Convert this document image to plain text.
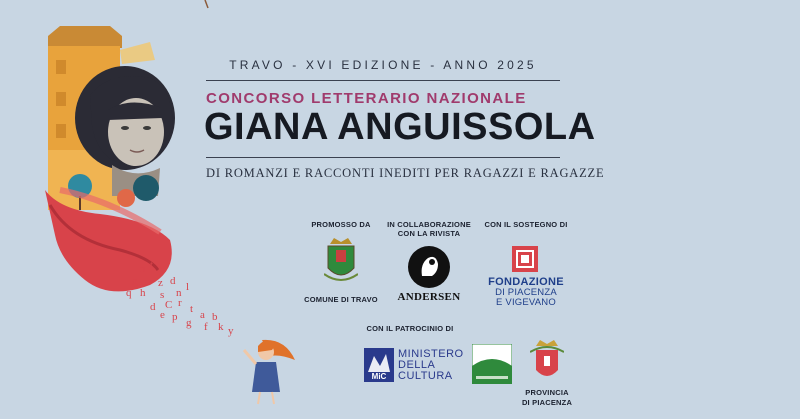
n t r
g a z d
q h s n l
d C r t a b
p g f k
e
y
TRAVO - XVI EDIZIONE - ANNO 2025
CONCORSO LETTERARIO NAZIONALE
GIANA ANGUISSOLA
DI ROMANZI E RACCONTI INEDITI PER RAGAZZI E RAGAZZE
PROMOSSO DA
COMUNE DI TRAVO
IN COLLABORAZIONE
CON LA RIVISTA
ANDERSEN
CON IL SOSTEGNO DI
FONDAZIONE
DI PIACENZA
E VIGEVANO
CON IL PATROCINIO DI
MiC
MINISTERO
DELLA
CULTURA
PROVINCIA
DI PIACENZA
